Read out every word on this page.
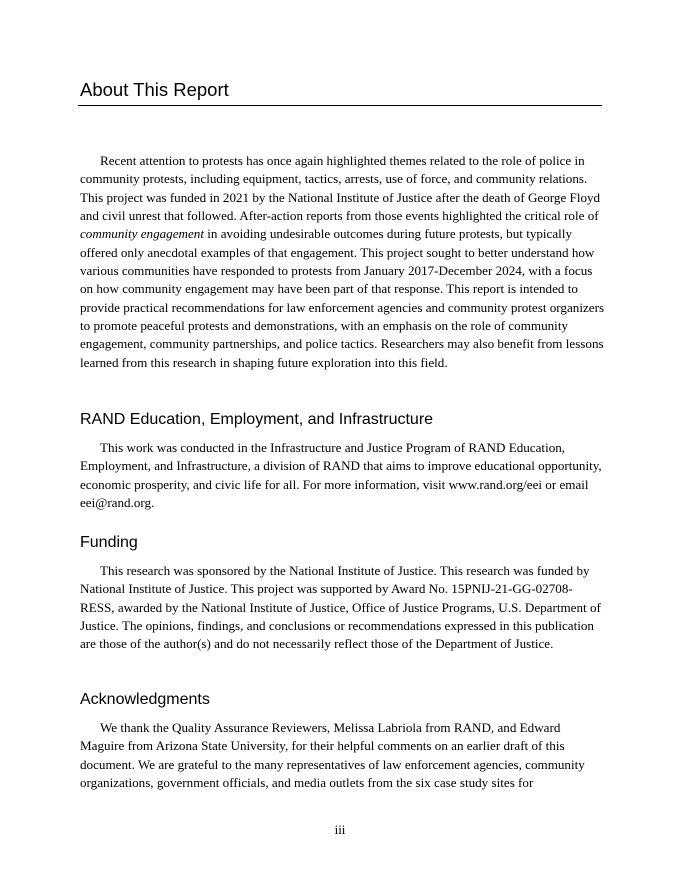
About This Report

Recent attention to protests has once again highlighted themes related to the role of police in community protests, including equipment, tactics, arrests, use of force, and community relations. This project was funded in 2021 by the National Institute of Justice after the death of George Floyd and civil unrest that followed. After-action reports from those events highlighted the critical role of community engagement in avoiding undesirable outcomes during future protests, but typically offered only anecdotal examples of that engagement. This project sought to better understand how various communities have responded to protests from January 2017-December 2024, with a focus on how community engagement may have been part of that response. This report is intended to provide practical recommendations for law enforcement agencies and community protest organizers to promote peaceful protests and demonstrations, with an emphasis on the role of community engagement, community partnerships, and police tactics. Researchers may also benefit from lessons learned from this research in shaping future exploration into this field.

RAND Education, Employment, and Infrastructure

This work was conducted in the Infrastructure and Justice Program of RAND Education, Employment, and Infrastructure, a division of RAND that aims to improve educational opportunity, economic prosperity, and civic life for all. For more information, visit www.rand.org/eei or email eei@rand.org.

Funding

This research was sponsored by the National Institute of Justice. This research was funded by National Institute of Justice. This project was supported by Award No. 15PNIJ-21-GG-02708-RESS, awarded by the National Institute of Justice, Office of Justice Programs, U.S. Department of Justice. The opinions, findings, and conclusions or recommendations expressed in this publication are those of the author(s) and do not necessarily reflect those of the Department of Justice.

Acknowledgments

We thank the Quality Assurance Reviewers, Melissa Labriola from RAND, and Edward Maguire from Arizona State University, for their helpful comments on an earlier draft of this document. We are grateful to the many representatives of law enforcement agencies, community organizations, government officials, and media outlets from the six case study sites for

iii
